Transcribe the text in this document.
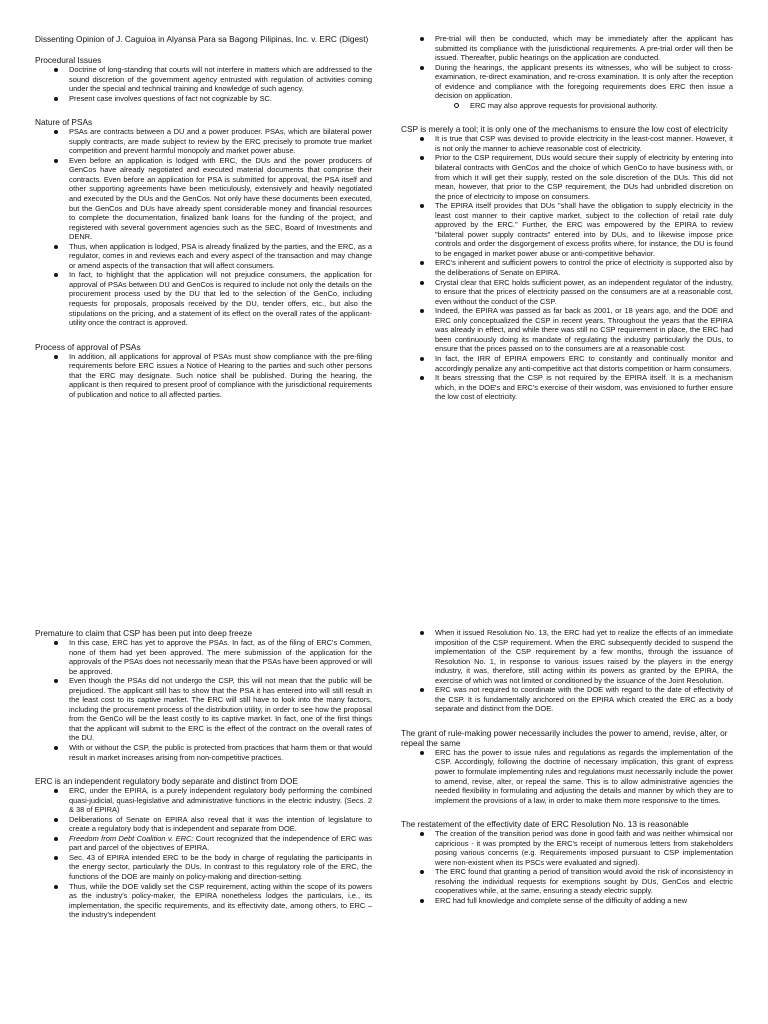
Dissenting Opinion of J. Caguioa in Alyansa Para sa Bagong Pilipinas, Inc. v. ERC (Digest)

Procedural Issues

Doctrine of long-standing that courts will not interfere in matters which are addressed to the sound discretion of the government agency entrusted with regulation of activities coming under the special and technical training and knowledge of such agency.
Present case involves questions of fact not cognizable by SC.

Nature of PSAs

PSAs are contracts between a DU and a power producer. PSAs, which are bilateral power supply contracts, are made subject to review by the ERC precisely to promote true market competition and prevent harmful monopoly and market power abuse.
Even before an application is lodged with ERC, the DUs and the power producers of GenCos have already negotiated and executed material documents that comprise their contracts. Even before an application for PSA is submitted for approval, the PSA itself and other supporting agreements have been meticulously, extensively and heavily negotiated and executed by the DUs and the GenCos. Not only have these documents been executed, but the GenCos and DUs have already spent considerable money and financial resources to complete the documentation, finalized bank loans for the funding of the project, and registered with several government agencies such as the SEC, Board of Investments and DENR.
Thus, when application is lodged, PSA is already finalized by the parties, and the ERC, as a regulator, comes in and reviews each and every aspect of the transaction and may change or amend aspects of the transaction that will affect consumers.
In fact, to highlight that the application will not prejudice consumers, the application for approval of PSAs between DU and GenCos is required to include not only the details on the procurement process used by the DU that led to the selection of the GenCo, including requests for proposals, proposals received by the DU, tender offers, etc., but also the stipulations on the pricing, and a statement of its effect on the overall rates of the applicant-utility once the contract is approved.

Process of approval of PSAs

In addition, all applications for approval of PSAs must show compliance with the pre-filing requirements before ERC issues a Notice of Hearing to the parties and such other persons that the ERC may designate. Such notice shall be published. During the hearing, the applicant is then required to present proof of compliance with the jurisdictional requirements of publication and notice to all affected parties.
Pre-trial will then be conducted, which may be immediately after the applicant has submitted its compliance with the jurisdictional requirements. A pre-trial order will then be issued. Thereafter, public hearings on the application are conducted.
During the hearings, the applicant presents its witnesses, who will be subject to cross-examination, re-direct examination, and re-cross examination. It is only after the reception of evidence and compliance with the foregoing requirements does ERC then issue a decision on application.
ERC may also approve requests for provisional authority.

CSP is merely a tool; it is only one of the mechanisms to ensure the low cost of electricity

It is true that CSP was devised to provide electricity in the least-cost manner. However, it is not only the manner to achieve reasonable cost of electricity.
Prior to the CSP requirement, DUs would secure their supply of electricity by entering into bilateral contracts with GenCos and the choice of which GenCo to have business with, or from which it will get their supply, rested on the sole discretion of the DUs. This did not mean, however, that prior to the CSP requirement, the DUs had unbridled discretion on the price of electricity to impose on consumers.
The EPIRA itself provides that DUs "shall have the obligation to supply electricity in the least cost manner to their captive market, subject to the collection of retail rate duly approved by the ERC." Further, the ERC was empowered by the EPIRA to review "bilateral power supply contracts" entered into by DUs, and to likewise impose price controls and order the disgorgement of excess profits where, for instance, the DU is found to be engaged in market power abuse or anti-competitive behavior.
ERC's inherent and sufficient powers to control the price of electricity is supported also by the deliberations of Senate on EPIRA.
Crystal clear that ERC holds sufficient power, as an independent regulator of the industry, to ensure that the prices of electricity passed on the consumers are at a reasonable cost, even without the conduct of the CSP.
Indeed, the EPIRA was passed as far back as 2001, or 18 years ago, and the DOE and ERC only conceptualized the CSP in recent years. Throughout the years that the EPIRA was already in effect, and while there was still no CSP requirement in place, the ERC had been continuously doing its mandate of regulating the industry particularly the DUs, to ensure that the prices passed on to the consumers are at a reasonable cost.
In fact, the IRR of EPIRA empowers ERC to constantly and continually monitor and accordingly penalize any anti-competitive act that distorts competition or harm consumers.
It bears stressing that the CSP is not required by the EPIRA itself. It is a mechanism which, in the DOE's and ERC's exercise of their wisdom, was envisioned to further ensure the low cost of electricity.

Premature to claim that CSP has been put into deep freeze

In this case, ERC has yet to approve the PSAs. In fact, as of the filing of ERC's Commen, none of them had yet been approved. The mere submission of the application for the approvals of the PSAs does not necessarily mean that the PSAs have been approved or will be approved.
Even though the PSAs did not undergo the CSP, this will not mean that the public will be prejudiced. The applicant still has to show that the PSA it has entered into will still result in the least cost to its captive market. The ERC will still have to look into the many factors, including the procurement process of the distribution utility, in order to see how the proposal from the GenCo will be the least costly to its captive market. In fact, one of the first things that the applicant will submit to the ERC is the effect of the contract on the overall rates of the DU.
With or without the CSP, the public is protected from practices that harm them or that would result in market increases arising from non-competitive practices.

ERC is an independent regulatory body separate and distinct from DOE

ERC, under the EPIRA, is a purely independent regulatory body performing the combined quasi-judicial, quasi-legislative and administrative functions in the electric industry. (Secs. 2 & 38 of EPIRA)
Deliberations of Senate on EPIRA also reveal that it was the intention of legislature to create a regulatory body that is independent and separate from DOE.
Freedom from Debt Coalition v. ERC: Court recognized that the independence of ERC was part and parcel of the objectives of EPIRA.
Sec. 43 of EPIRA intended ERC to be the body in charge of regulating the participants in the energy sector, particularly the DUs. In contrast to this regulatory role of the ERC, the functions of the DOE are mainly on policy-making and direction-setting.
Thus, while the DOE validly set the CSP requirement, acting within the scope of its powers as the industry's policy-maker, the EPIRA nonetheless lodges the particulars, i.e., its implementation, the specific requirements, and its effectivity date, among others, to ERC – the industry's independent
When it issued Resolution No. 13, the ERC had yet to realize the effects of an immediate imposition of the CSP requirement. When the ERC subsequently decided to suspend the implementation of the CSP requirement by a few months, through the issuance of Resolution No. 1, in response to various issues raised by the players in the energy industry, it was, therefore, still acting within its powers as granted by the EPIRA, the exercise of which was not limited or conditioned by the issuance of the Joint Resolution.
ERC was not required to coordinate with the DOE with regard to the date of effectivity of the CSP. It is fundamentally anchored on the EPIRA which created the ERC as a body separate and distinct from the DOE.

The grant of rule-making power necessarily includes the power to amend, revise, alter, or repeal the same

ERC has the power to issue rules and regulations as regards the implementation of the CSP. Accordingly, following the doctrine of necessary implication, this grant of express power to formulate implementing rules and regulations must necessarily include the power to amend, revise, alter, or repeal the same. This is to allow administrative agencies the needed flexibility in formulating and adjusting the details and manner by which they are to implement the provisions of a law, in order to make them more responsive to the times.

The restatement of the effectivity date of ERC Resolution No. 13 is reasonable

The creation of the transition period was done in good faith and was neither whimsical nor capricious - it was prompted by the ERC's receipt of numerous letters from stakeholders posing various concerns (e.g. Requirements imposed pursuant to CSP implementation were non-existent when its PSCs were evaluated and signed).
The ERC found that granting a period of transition would avoid the risk of inconsistency in resolving the individual requests for exemptions sought by DUs, GenCos and electric cooperatives while, at the same, ensuring a steady electric supply.
ERC had full knowledge and complete sense of the difficulty of adding a new
